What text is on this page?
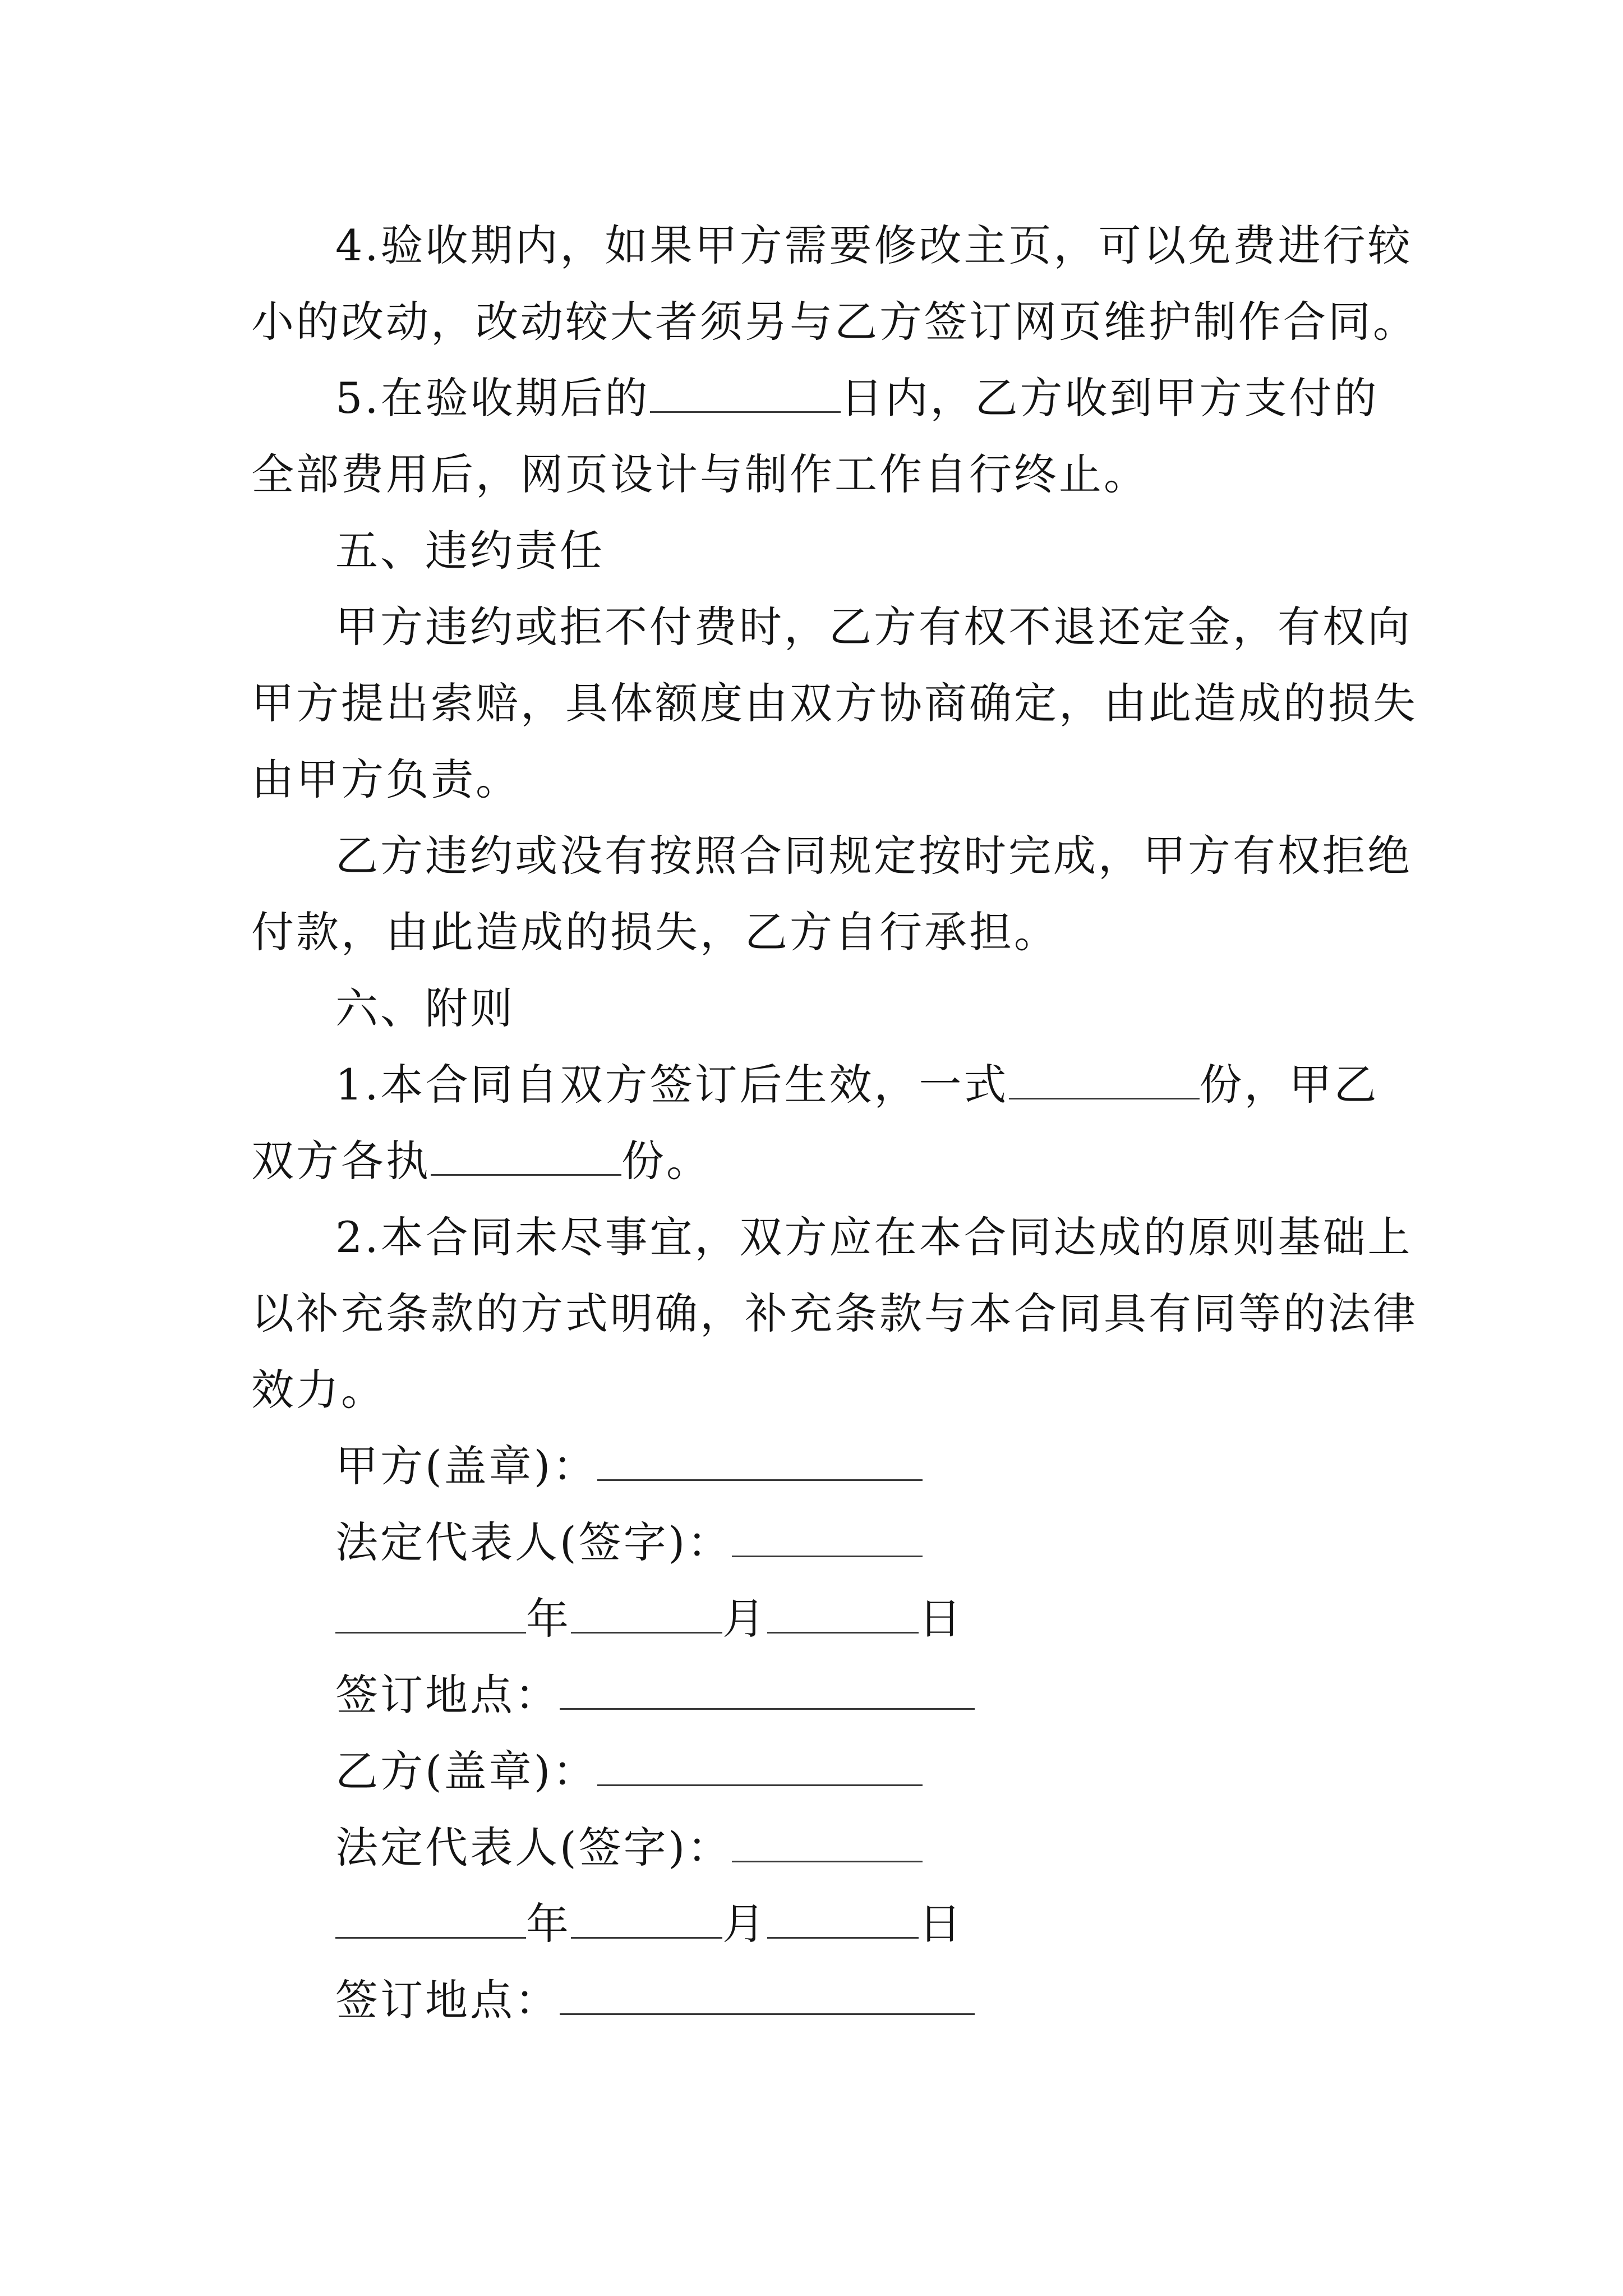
4.验收期内，如果甲方需要修改主页，可以免费进行较
小的改动，改动较大者须另与乙方签订网页维护制作合同。
5.在验收期后的	日内，乙方收到甲方支付的
全部费用后，网页设计与制作工作自行终止。
五、违约责任
甲方违约或拒不付费时，乙方有权不退还定金，有权向
甲方提出索赔，具体额度由双方协商确定，由此造成的损失
由甲方负责。
乙方违约或没有按照合同规定按时完成，甲方有权拒绝
付款，由此造成的损失，乙方自行承担。
六、附则
1.本合同自双方签订后生效，一式	份，甲乙
双方各执	份。
2.本合同未尽事宜，双方应在本合同达成的原则基础上
以补充条款的方式明确，补充条款与本合同具有同等的法律
效力。
甲方(盖章)：
法定代表人(签字)：
年	月	日
签订地点：
乙方(盖章)：
法定代表人(签字)：
年	月	日
签订地点：
